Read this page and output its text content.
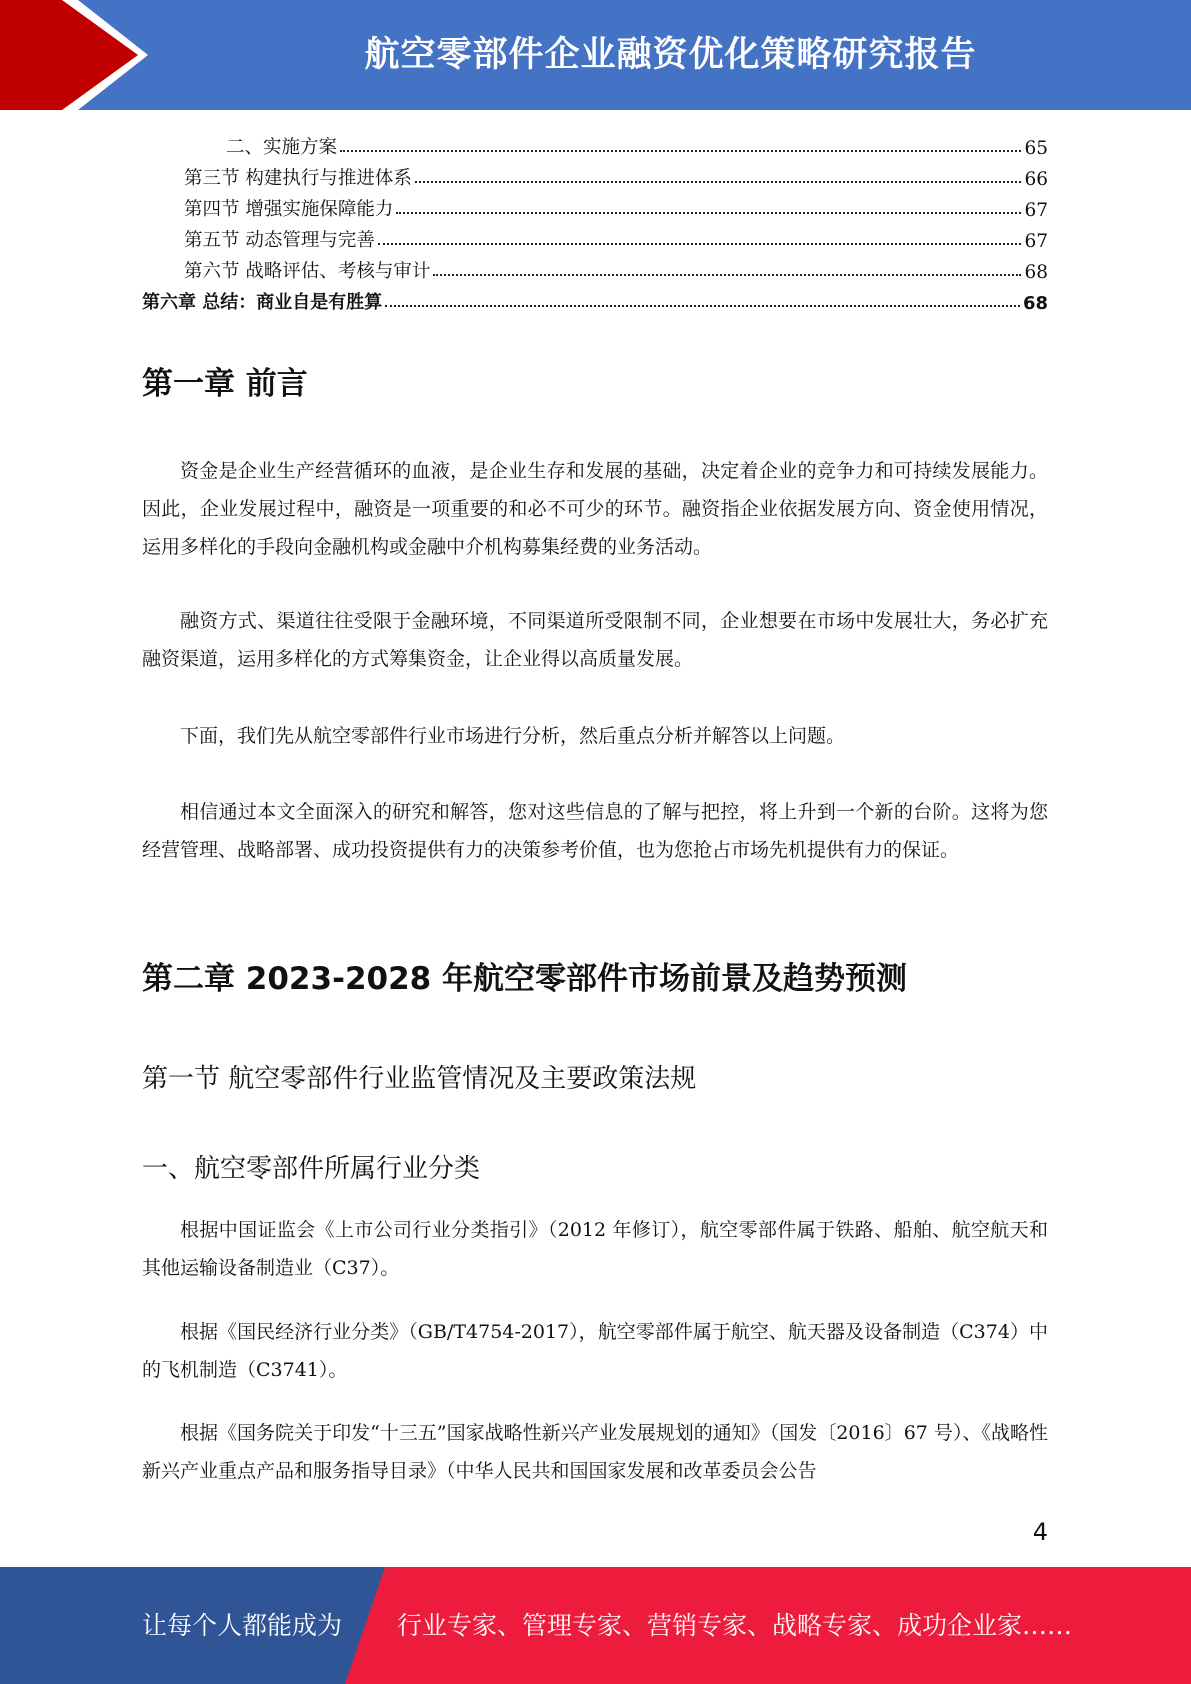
航空零部件企业融资优化策略研究报告
二、实施方案	65
第三节 构建执行与推进体系	66
第四节 增强实施保障能力	67
第五节 动态管理与完善	67
第六节 战略评估、考核与审计	68
第六章 总结：商业自是有胜算	68
第一章 前言

资金是企业生产经营循环的血液，是企业生存和发展的基础，决定着企业的竞争力和可持续发展能力。因此，企业发展过程中，融资是一项重要的和必不可少的环节。融资指企业依据发展方向、资金使用情况，运用多样化的手段向金融机构或金融中介机构募集经费的业务活动。

融资方式、渠道往往受限于金融环境，不同渠道所受限制不同，企业想要在市场中发展壮大，务必扩充融资渠道，运用多样化的方式筹集资金，让企业得以高质量发展。

下面，我们先从航空零部件行业市场进行分析，然后重点分析并解答以上问题。

相信通过本文全面深入的研究和解答，您对这些信息的了解与把控，将上升到一个新的台阶。这将为您经营管理、战略部署、成功投资提供有力的决策参考价值，也为您抢占市场先机提供有力的保证。

第二章 2023-2028 年航空零部件市场前景及趋势预测
第一节 航空零部件行业监管情况及主要政策法规
一、航空零部件所属行业分类

根据中国证监会《上市公司行业分类指引》（2012 年修订），航空零部件属于铁路、船舶、航空航天和其他运输设备制造业（C37）。

根据《国民经济行业分类》（GB/T4754-2017），航空零部件属于航空、航天器及设备制造（C374）中的飞机制造（C3741）。

根据《国务院关于印发“十三五”国家战略性新兴产业发展规划的通知》（国发〔2016〕67 号）、《战略性新兴产业重点产品和服务指导目录》（中华人民共和国国家发展和改革委员会公告

4
让每个人都能成为 行业专家、管理专家、营销专家、战略专家、成功企业家……
